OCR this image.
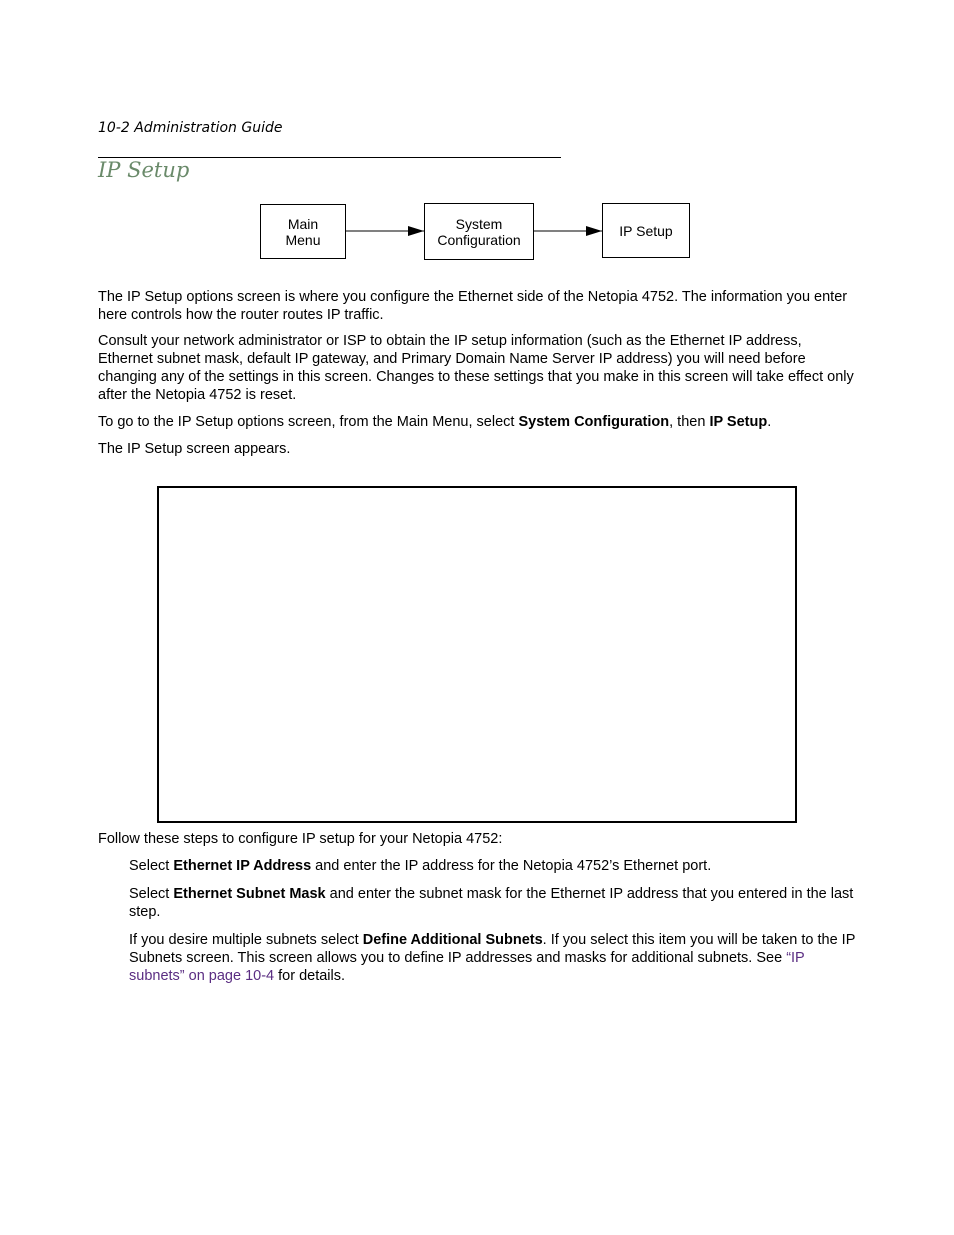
10-2 Administration Guide
IP Setup
Main
Menu
System
Configuration
IP Setup

The IP Setup options screen is where you configure the Ethernet side of the Netopia 4752. The information you enter here controls how the router routes IP traffic.

Consult your network administrator or ISP to obtain the IP setup information (such as the Ethernet IP address, Ethernet subnet mask, default IP gateway, and Primary Domain Name Server IP address) you will need before changing any of the settings in this screen. Changes to these settings that you make in this screen will take effect only after the Netopia 4752 is reset.

To go to the IP Setup options screen, from the Main Menu, select System Configuration, then IP Setup.

The IP Setup screen appears.

Follow these steps to configure IP setup for your Netopia 4752:

Select Ethernet IP Address and enter the IP address for the Netopia 4752’s Ethernet port.

Select Ethernet Subnet Mask and enter the subnet mask for the Ethernet IP address that you entered in the last step.

If you desire multiple subnets select Define Additional Subnets. If you select this item you will be taken to the IP Subnets screen. This screen allows you to define IP addresses and masks for additional subnets. See “IP subnets” on page 10-4 for details.
